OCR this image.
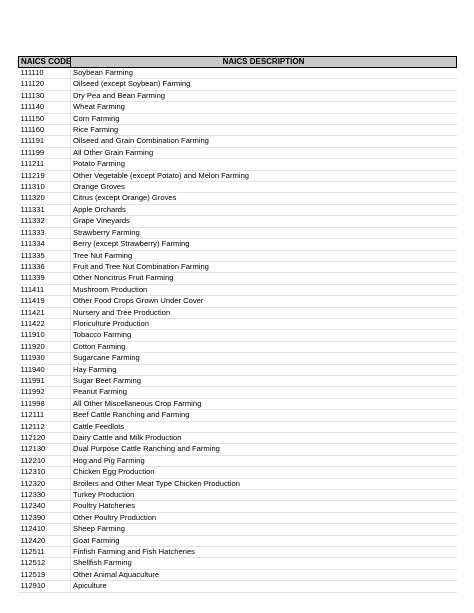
NAICS CODE	NAICS DESCRIPTION
111110	Soybean Farming
111120	Oilseed (except Soybean) Farming
111130	Dry Pea and Bean Farming
111140	Wheat Farming
111150	Corn Farming
111160	Rice Farming
111191	Oilseed and Grain Combination Farming
111199	All Other Grain Farming
111211	Potato Farming
111219	Other Vegetable (except Potato) and Melon Farming
111310	Orange Groves
111320	Citrus (except Orange) Groves
111331	Apple Orchards
111332	Grape Vineyards
111333	Strawberry Farming
111334	Berry (except Strawberry) Farming
111335	Tree Nut Farming
111336	Fruit and Tree Nut Combination Farming
111339	Other Noncitrus Fruit Farming
111411	Mushroom Production
111419	Other Food Crops Grown Under Cover
111421	Nursery and Tree Production
111422	Floriculture Production
111910	Tobacco Farming
111920	Cotton Farming
111930	Sugarcane Farming
111940	Hay Farming
111991	Sugar Beet Farming
111992	Peanut Farming
111998	All Other Miscellaneous Crop Farming
112111	Beef Cattle Ranching and Farming
112112	Cattle Feedlots
112120	Dairy Cattle and Milk Production
112130	Dual Purpose Cattle Ranching and Farming
112210	Hog and Pig Farming
112310	Chicken Egg Production
112320	Broilers and Other Meat Type Chicken Production
112330	Turkey Production
112340	Poultry Hatcheries
112390	Other Poultry Production
112410	Sheep Farming
112420	Goat Farming
112511	Finfish Farming and Fish Hatcheries
112512	Shellfish Farming
112519	Other Animal Aquaculture
112910	Apiculture
